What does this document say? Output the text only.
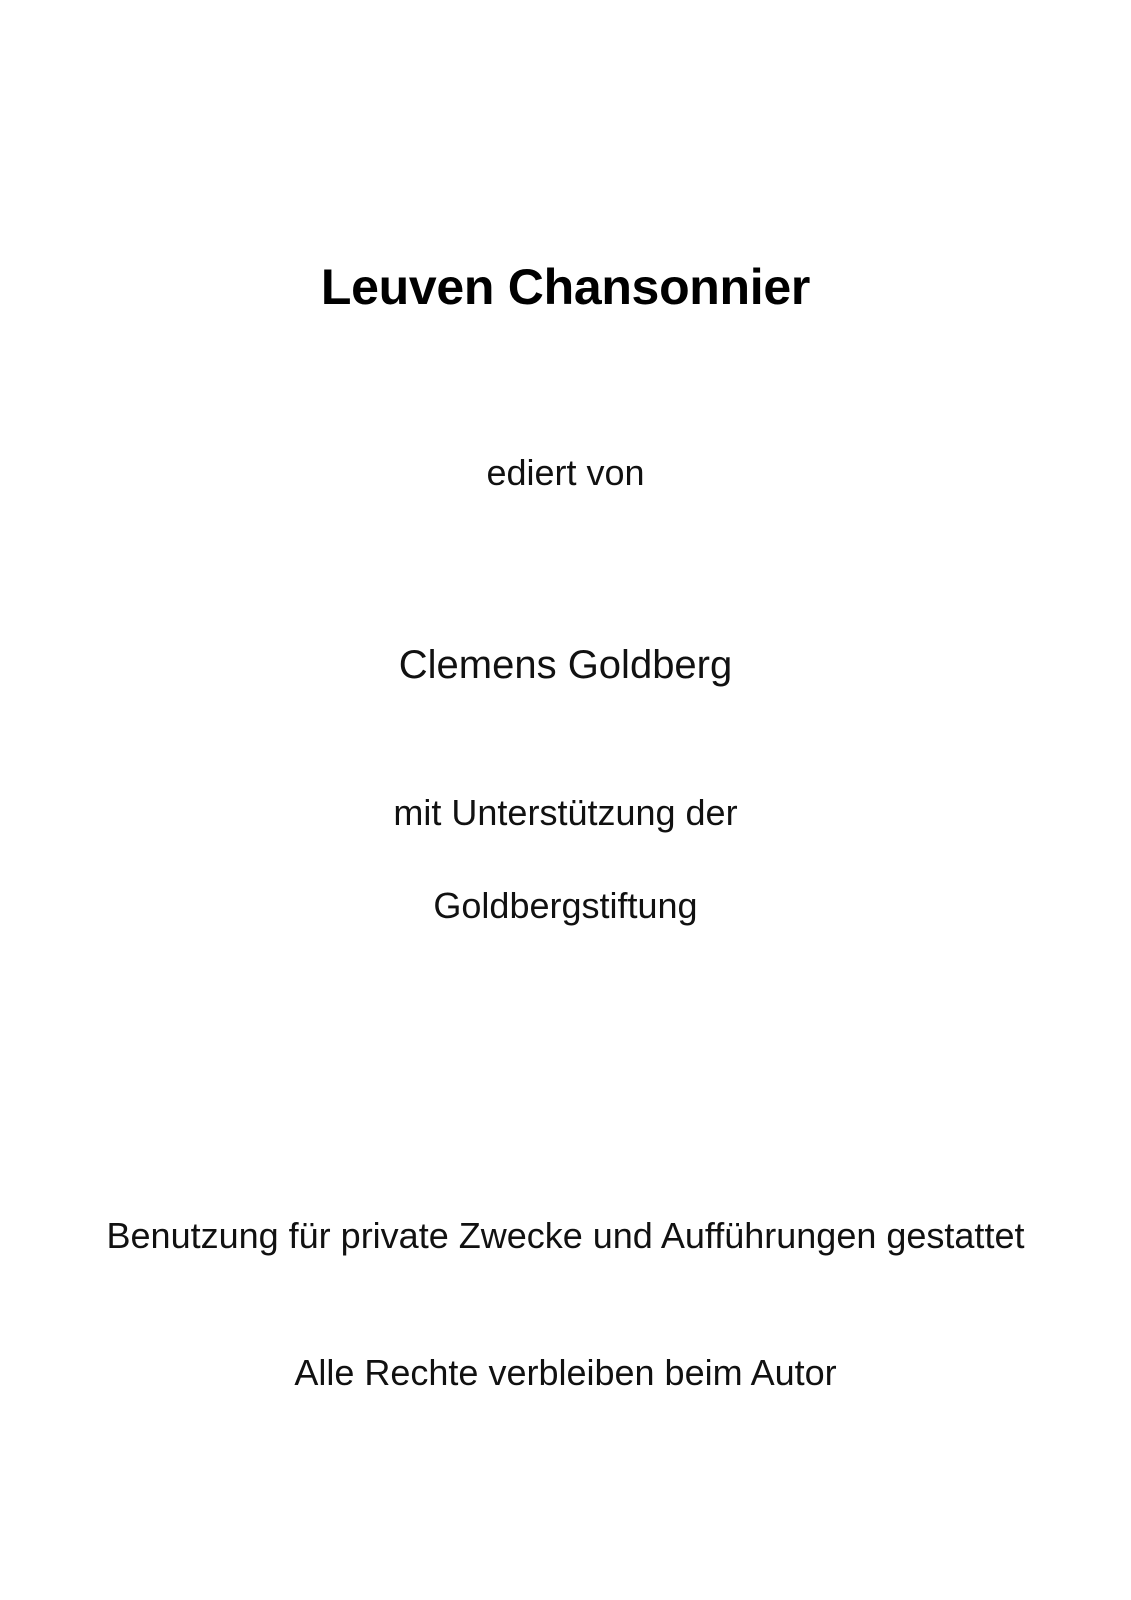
Leuven Chansonnier
ediert von
Clemens Goldberg
mit Unterstützung der
Goldbergstiftung
Benutzung für private Zwecke und Aufführungen gestattet
Alle Rechte verbleiben beim Autor
